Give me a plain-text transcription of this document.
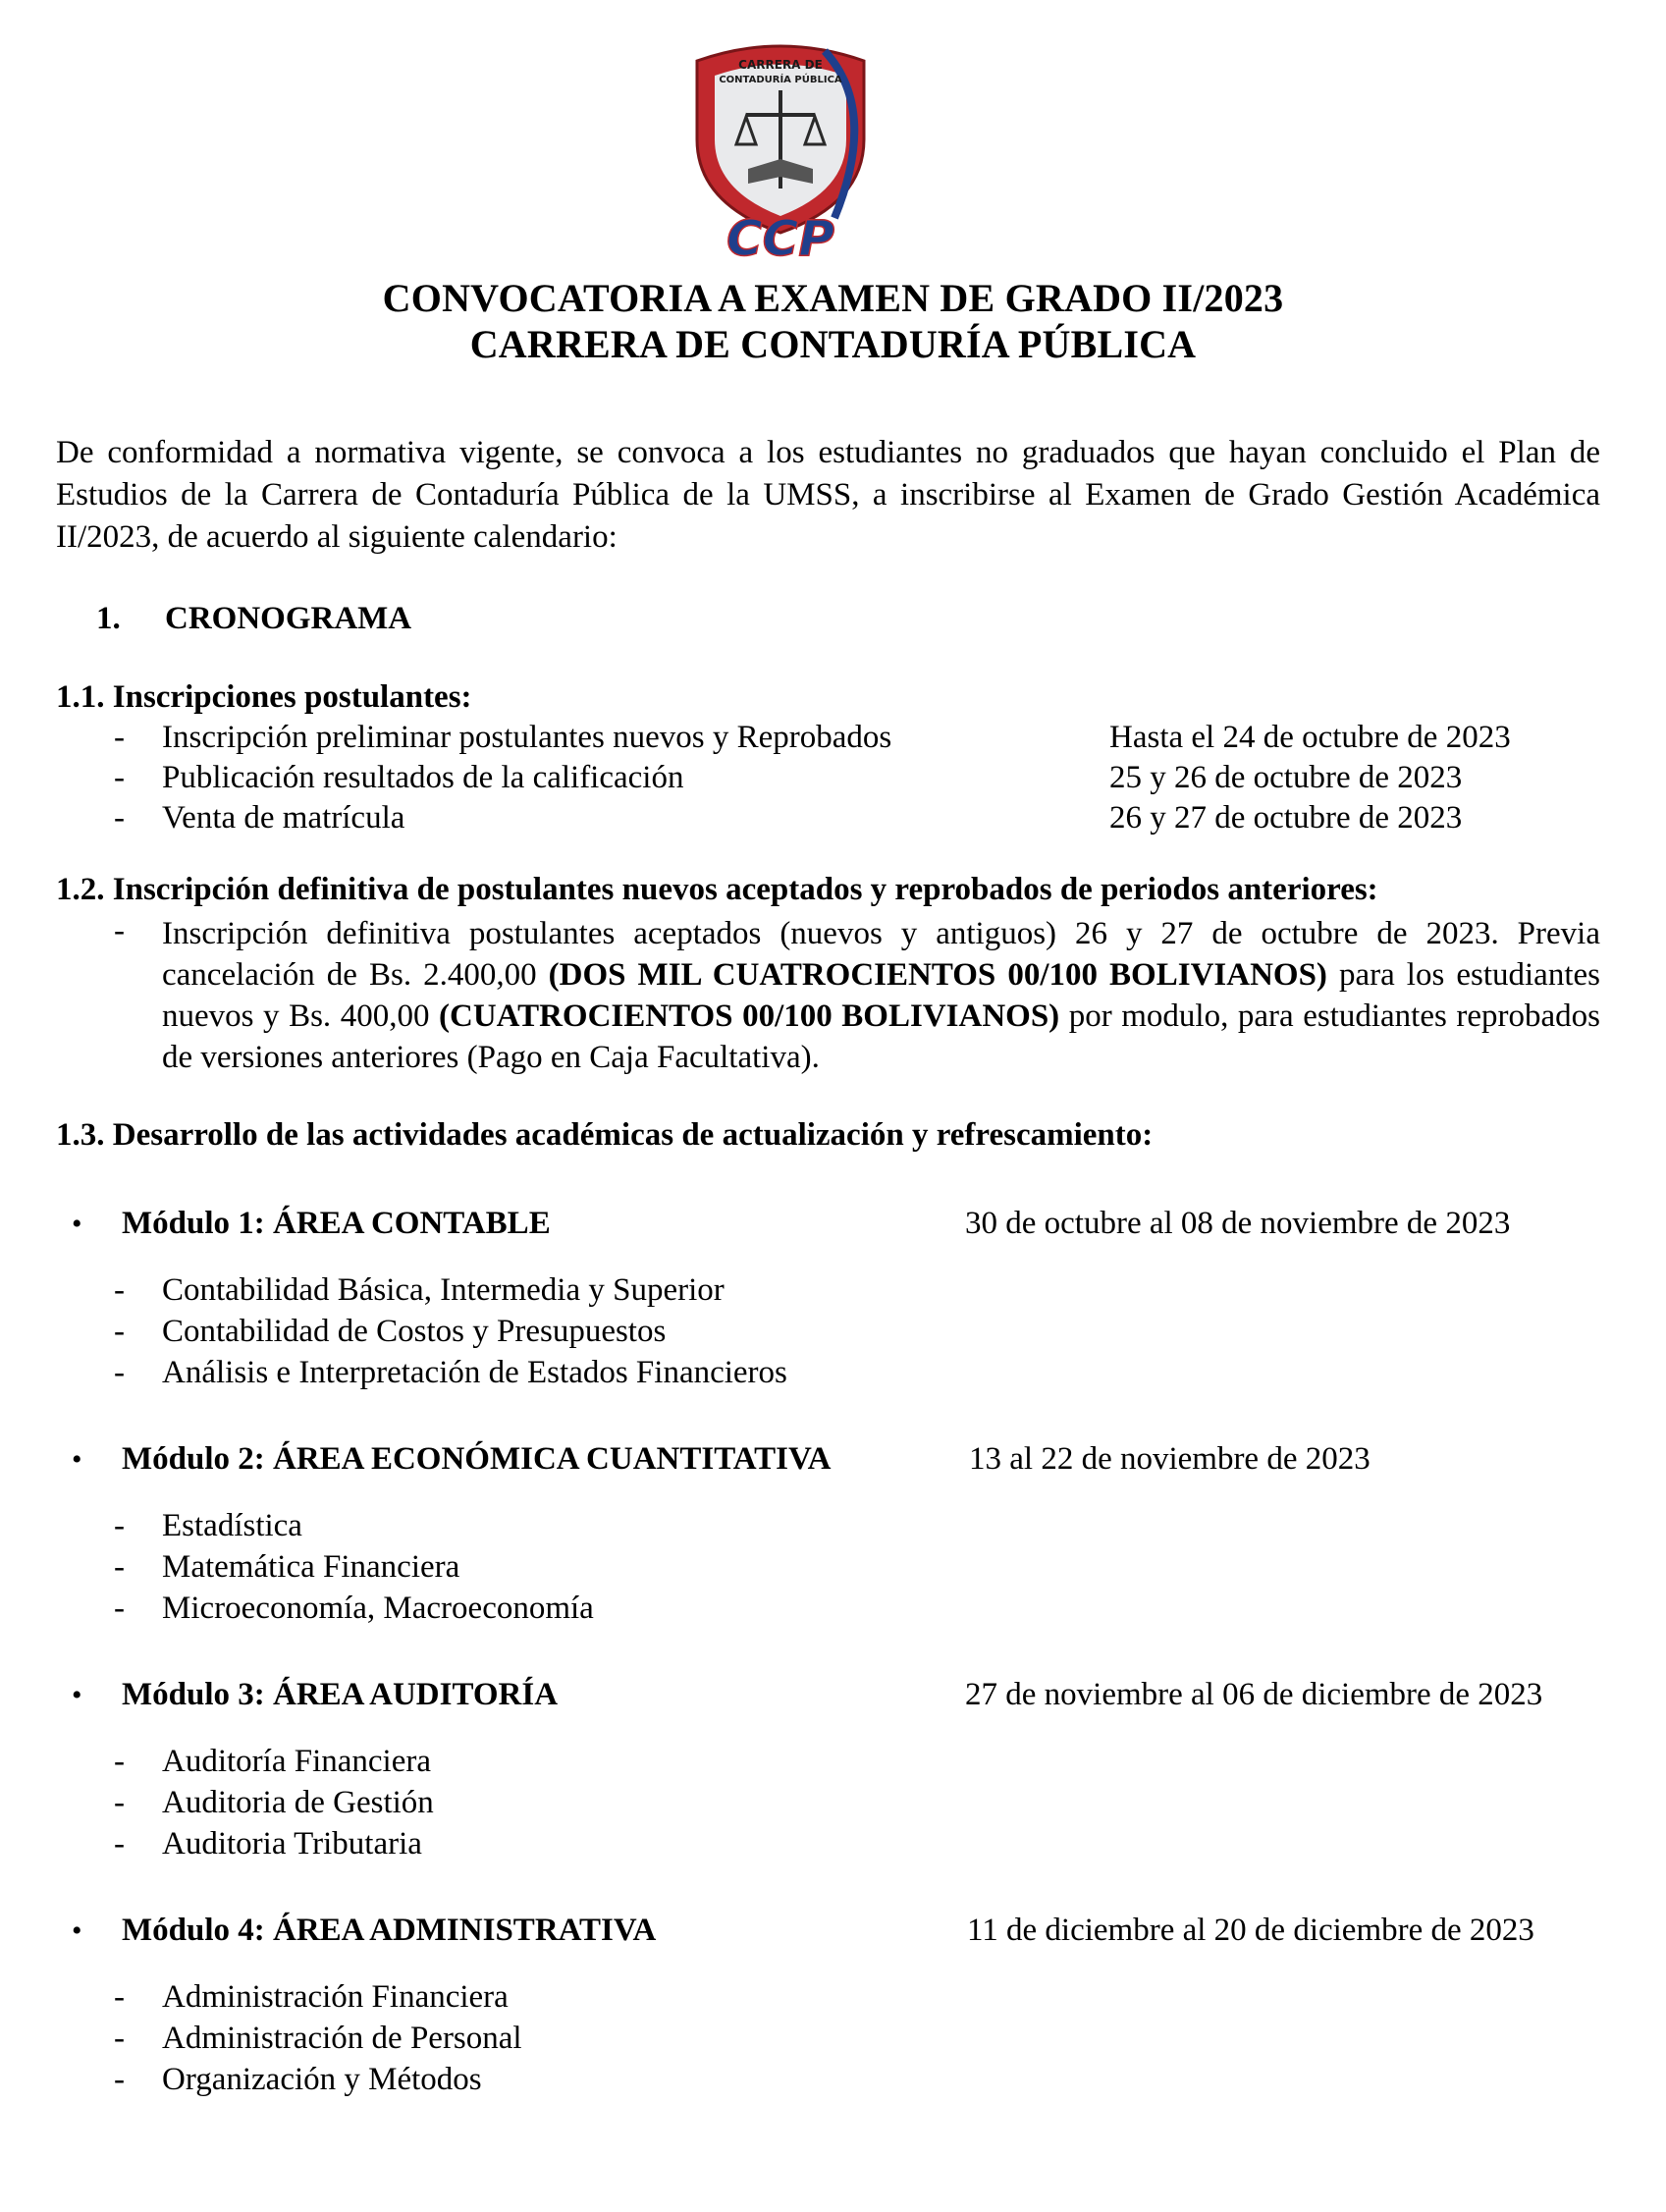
CARRERA DE
CONTADURÍA PÚBLICA
CCP
CONVOCATORIA A EXAMEN DE GRADO II/2023
CARRERA DE CONTADURÍA PÚBLICA
De conformidad a normativa vigente, se convoca a los estudiantes no graduados que hayan concluido el Plan de Estudios de la Carrera de Contaduría Pública de la UMSS, a inscribirse al Examen de Grado Gestión Académica II/2023, de acuerdo al siguiente calendario:
1. CRONOGRAMA
1.1. Inscripciones postulantes:
- Inscripción preliminar postulantes nuevos y Reprobados	Hasta el 24 de octubre de 2023
- Publicación resultados de la calificación	25 y 26 de octubre de 2023
- Venta de matrícula	26 y 27 de octubre de 2023
1.2. Inscripción definitiva de postulantes nuevos aceptados y reprobados de periodos anteriores:
- Inscripción definitiva postulantes aceptados (nuevos y antiguos) 26 y 27 de octubre de 2023. Previa cancelación de Bs. 2.400,00 (DOS MIL CUATROCIENTOS 00/100 BOLIVIANOS) para los estudiantes nuevos y Bs. 400,00 (CUATROCIENTOS 00/100 BOLIVIANOS) por modulo, para estudiantes reprobados de versiones anteriores (Pago en Caja Facultativa).
1.3. Desarrollo de las actividades académicas de actualización y refrescamiento:
• Módulo 1: ÁREA CONTABLE	30 de octubre al 08 de noviembre de 2023
- Contabilidad Básica, Intermedia y Superior
- Contabilidad de Costos y Presupuestos
- Análisis e Interpretación de Estados Financieros
• Módulo 2: ÁREA ECONÓMICA CUANTITATIVA	13 al 22 de noviembre de 2023
- Estadística
- Matemática Financiera
- Microeconomía, Macroeconomía
• Módulo 3: ÁREA AUDITORÍA	27 de noviembre al 06 de diciembre de 2023
- Auditoría Financiera
- Auditoria de Gestión
- Auditoria Tributaria
• Módulo 4: ÁREA ADMINISTRATIVA	11 de diciembre al 20 de diciembre de 2023
- Administración Financiera
- Administración de Personal
- Organización y Métodos
